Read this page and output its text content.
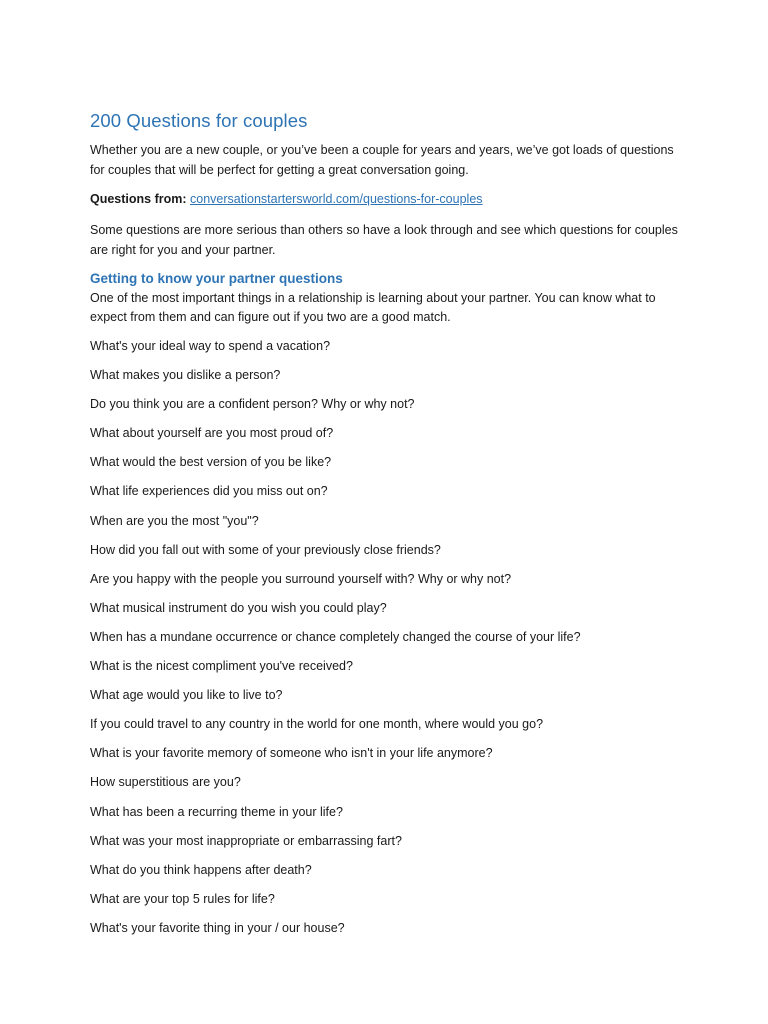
200 Questions for couples

Whether you are a new couple, or you’ve been a couple for years and years, we’ve got loads of questions for couples that will be perfect for getting a great conversation going.

Questions from: conversationstartersworld.com/questions-for-couples

Some questions are more serious than others so have a look through and see which questions for couples are right for you and your partner.

Getting to know your partner questions

One of the most important things in a relationship is learning about your partner. You can know what to expect from them and can figure out if you two are a good match.

What's your ideal way to spend a vacation?
What makes you dislike a person?
Do you think you are a confident person? Why or why not?
What about yourself are you most proud of?
What would the best version of you be like?
What life experiences did you miss out on?
When are you the most "you"?
How did you fall out with some of your previously close friends?
Are you happy with the people you surround yourself with? Why or why not?
What musical instrument do you wish you could play?
When has a mundane occurrence or chance completely changed the course of your life?
What is the nicest compliment you've received?
What age would you like to live to?
If you could travel to any country in the world for one month, where would you go?
What is your favorite memory of someone who isn't in your life anymore?
How superstitious are you?
What has been a recurring theme in your life?
What was your most inappropriate or embarrassing fart?
What do you think happens after death?
What are your top 5 rules for life?
What's your favorite thing in your / our house?
